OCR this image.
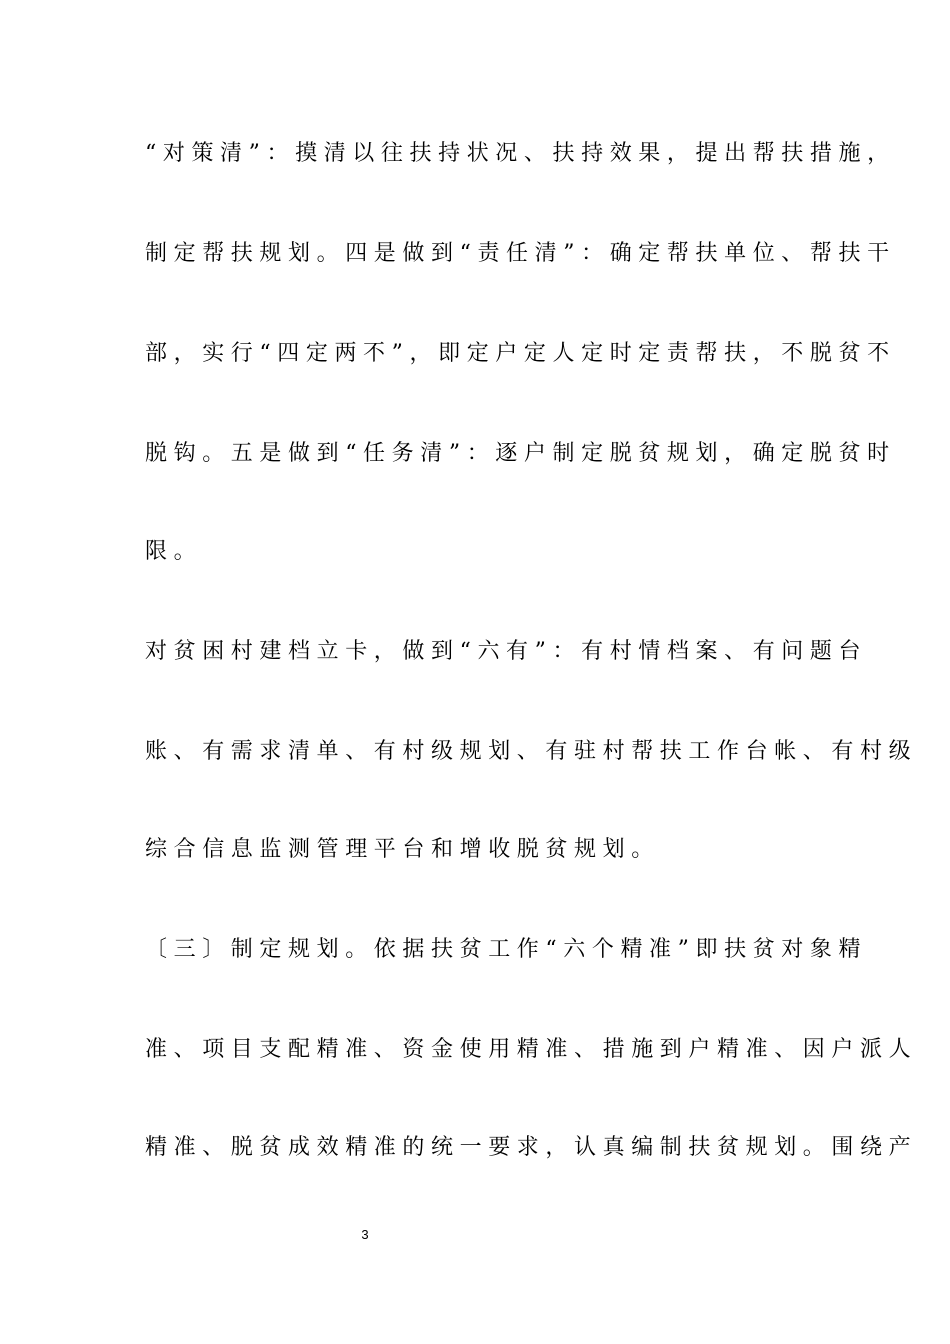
“对策清”：摸清以往扶持状况、扶持效果，提出帮扶措施，
制定帮扶规划。四是做到“责任清”：确定帮扶单位、帮扶干
部，实行“四定两不”，即定户定人定时定责帮扶，不脱贫不
脱钩。五是做到“任务清”：逐户制定脱贫规划，确定脱贫时
限。
对贫困村建档立卡，做到“六有”：有村情档案、有问题台
账、有需求清单、有村级规划、有驻村帮扶工作台帐、有村级
综合信息监测管理平台和增收脱贫规划。
〔三〕制定规划。依据扶贫工作“六个精准”即扶贫对象精
准、项目支配精准、资金使用精准、措施到户精准、因户派人
精准、脱贫成效精准的统一要求，认真编制扶贫规划。围绕产
3
